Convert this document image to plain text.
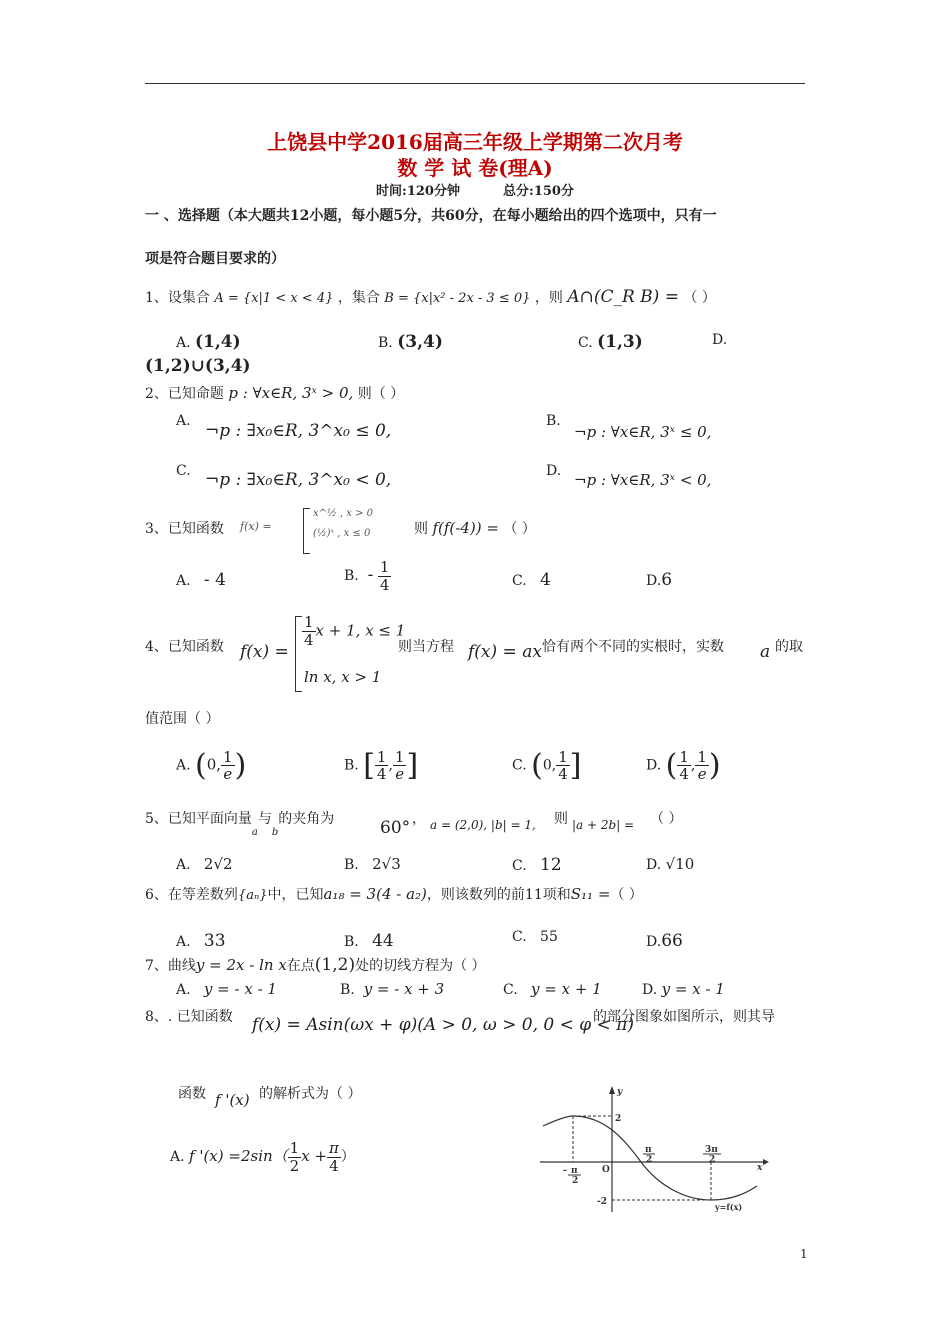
上饶县中学2016届高三年级上学期第二次月考
数 学 试 卷(理A)
时间:120分钟	总分:150分
一 、选择题（本大题共12小题，每小题5分，共60分，在每小题给出的四个选项中，只有一
项是符合题目要求的）
1、设集合 A = {x|1 < x < 4} ，集合 B = {x|x² - 2x - 3 ≤ 0} ，则 A∩(C_R B) = （ ）
A. (1,4)	B. (3,4)	C. (1,3)	D.
(1,2)∪(3,4)
2、已知命题 p : ∀x∈R, 3ˣ > 0, 则（ ）
A. ¬p : ∃x₀∈R, 3^x₀ ≤ 0,	B.
¬p : ∀x∈R, 3ˣ ≤ 0,
C. ¬p : ∃x₀∈R, 3^x₀ < 0,	D. ¬p : ∀x∈R, 3ˣ < 0,
3、已知函数 f(x) =
x^½ , x > 0
(½)ˣ , x ≤ 0	则 f(f(-4)) = （ ）
A. - 4	B. - $\frac{1}{4}$	C. 4	D.6
4、已知函数 f(x) =
$\frac{1}{4}$ x + 1, x ≤ 1
ln x, x > 1
则当方程 f(x) = ax 恰有两个不同的实根时，实数 a 的取
值范围（ ）
A. (0, $\frac{1}{e}$ )	B. [ $\frac{1}{4}$ , $\frac{1}{e}$ ]	C. (0, $\frac{1}{4}$ ]	D. ( $\frac{1}{4}$ , $\frac{1}{e}$ )
5、已知平面向量$_a$与$_b$的夹角为	60° ， a = (2,0), |b| = 1, 则 |a + 2b| = （ ）
A. 2√2	B. 2√3	C. 12	D. √10
6、在等差数列{aₙ}中，已知a₁₈ = 3(4 - a₂)，则该数列的前11项和S₁₁ =（ ）
A. 33	B. 44	C. 55	D.66
7、曲线y = 2x - ln x在点(1,2)处的切线方程为（ ）
A. y = - x - 1	B. y = - x + 3	C. y = x + 1	D. y = x - 1
8、. 已知函数 f(x) = Asin(ωx + φ)(A > 0, ω > 0, 0 < φ < π)
的部分图象如图所示，则其导
函数 f '(x) 的解析式为（ ）
A. f '$(x) =2\sin( \frac{1}{2}$ $x + \frac{\pi}{4}$ ）
y
2
π
2
3π
2
x
- π
2
O
-2	y=f(x)
1
